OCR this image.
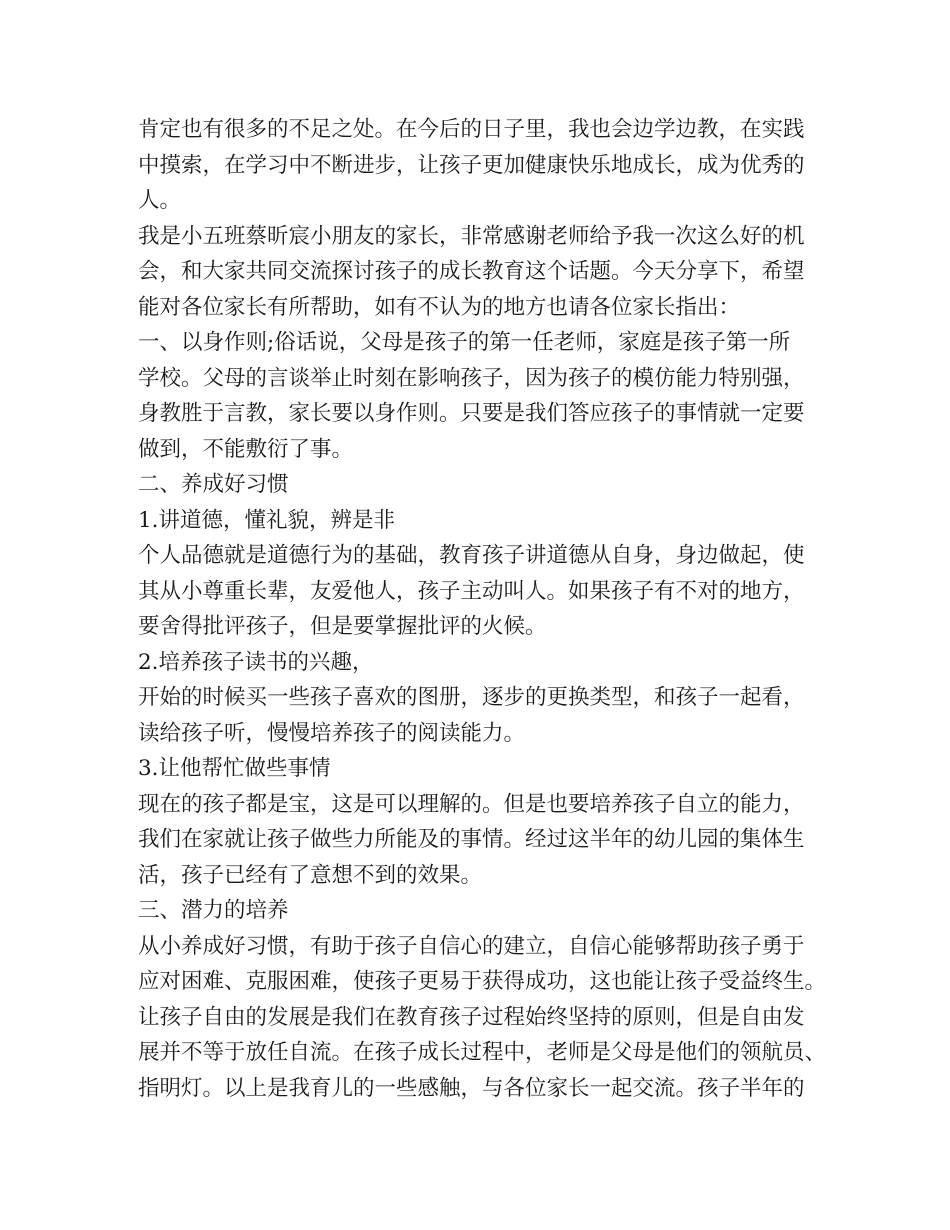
肯定也有很多的不足之处。在今后的日子里，我也会边学边教，在实践
中摸索，在学习中不断进步，让孩子更加健康快乐地成长，成为优秀的
人。
我是小五班蔡昕宸小朋友的家长，非常感谢老师给予我一次这么好的机
会，和大家共同交流探讨孩子的成长教育这个话题。今天分享下，希望
能对各位家长有所帮助，如有不认为的地方也请各位家长指出：
一、以身作则;俗话说，父母是孩子的第一任老师，家庭是孩子第一所
学校。父母的言谈举止时刻在影响孩子，因为孩子的模仿能力特别强，
身教胜于言教，家长要以身作则。只要是我们答应孩子的事情就一定要
做到，不能敷衍了事。
二、养成好习惯
1.讲道德，懂礼貌，辨是非
个人品德就是道德行为的基础，教育孩子讲道德从自身，身边做起，使
其从小尊重长辈，友爱他人，孩子主动叫人。如果孩子有不对的地方，
要舍得批评孩子，但是要掌握批评的火候。
2.培养孩子读书的兴趣，
开始的时候买一些孩子喜欢的图册，逐步的更换类型，和孩子一起看，
读给孩子听，慢慢培养孩子的阅读能力。
3.让他帮忙做些事情
现在的孩子都是宝，这是可以理解的。但是也要培养孩子自立的能力，
我们在家就让孩子做些力所能及的事情。经过这半年的幼儿园的集体生
活，孩子已经有了意想不到的效果。
三、潜力的培养
从小养成好习惯，有助于孩子自信心的建立，自信心能够帮助孩子勇于
应对困难、克服困难，使孩子更易于获得成功，这也能让孩子受益终生。
让孩子自由的发展是我们在教育孩子过程始终坚持的原则，但是自由发
展并不等于放任自流。在孩子成长过程中，老师是父母是他们的领航员、
指明灯。以上是我育儿的一些感触，与各位家长一起交流。孩子半年的
